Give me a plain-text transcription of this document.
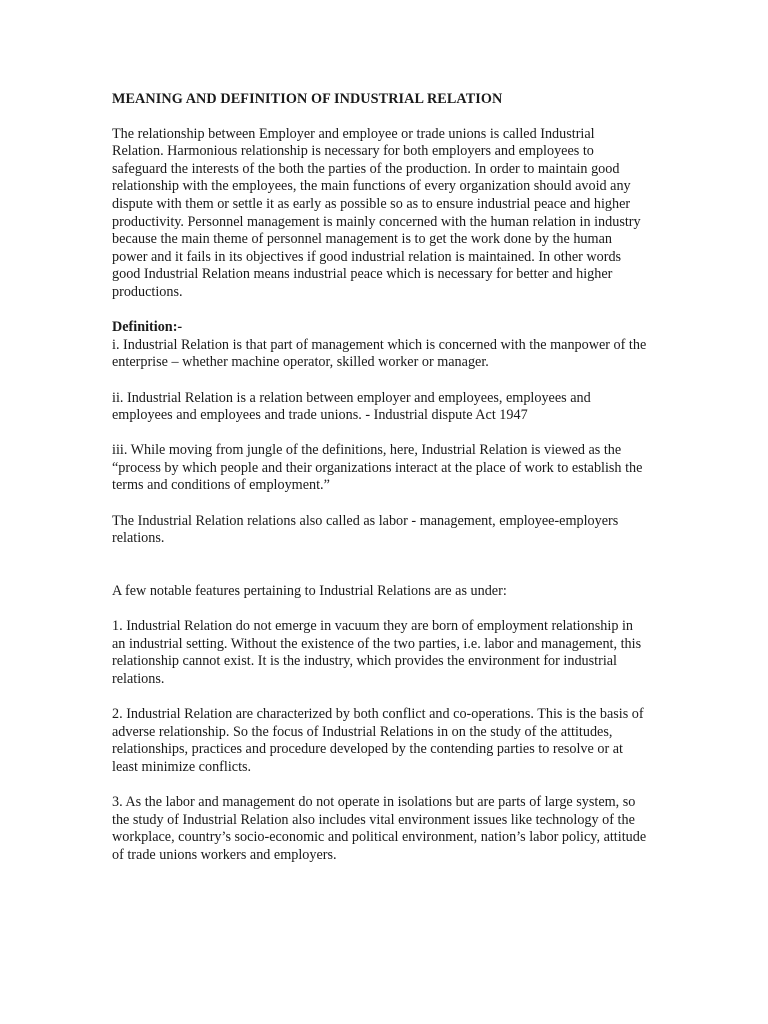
MEANING AND DEFINITION OF INDUSTRIAL RELATION

The relationship between Employer and employee or trade unions is called Industrial Relation. Harmonious relationship is necessary for both employers and employees to safeguard the interests of the both the parties of the production. In order to maintain good relationship with the employees, the main functions of every organization should avoid any dispute with them or settle it as early as possible so as to ensure industrial peace and higher productivity. Personnel management is mainly concerned with the human relation in industry because the main theme of personnel management is to get the work done by the human power and it fails in its objectives if good industrial relation is maintained. In other words good Industrial Relation means industrial peace which is necessary for better and higher productions.

Definition:-
i. Industrial Relation is that part of management which is concerned with the manpower of the enterprise – whether machine operator, skilled worker or manager.

ii. Industrial Relation is a relation between employer and employees, employees and employees and employees and trade unions. - Industrial dispute Act 1947

iii. While moving from jungle of the definitions, here, Industrial Relation is viewed as the “process by which people and their organizations interact at the place of work to establish the terms and conditions of employment.”

The Industrial Relation relations also called as labor - management, employee-employers relations.

A few notable features pertaining to Industrial Relations are as under:

1. Industrial Relation do not emerge in vacuum they are born of employment relationship in an industrial setting. Without the existence of the two parties, i.e. labor and management, this relationship cannot exist. It is the industry, which provides the environment for industrial relations.

2. Industrial Relation are characterized by both conflict and co-operations. This is the basis of adverse relationship. So the focus of Industrial Relations in on the study of the attitudes, relationships, practices and procedure developed by the contending parties to resolve or at least minimize conflicts.

3. As the labor and management do not operate in isolations but are parts of large system, so the study of Industrial Relation also includes vital environment issues like technology of the workplace, country’s socio-economic and political environment, nation’s labor policy, attitude of trade unions workers and employers.
